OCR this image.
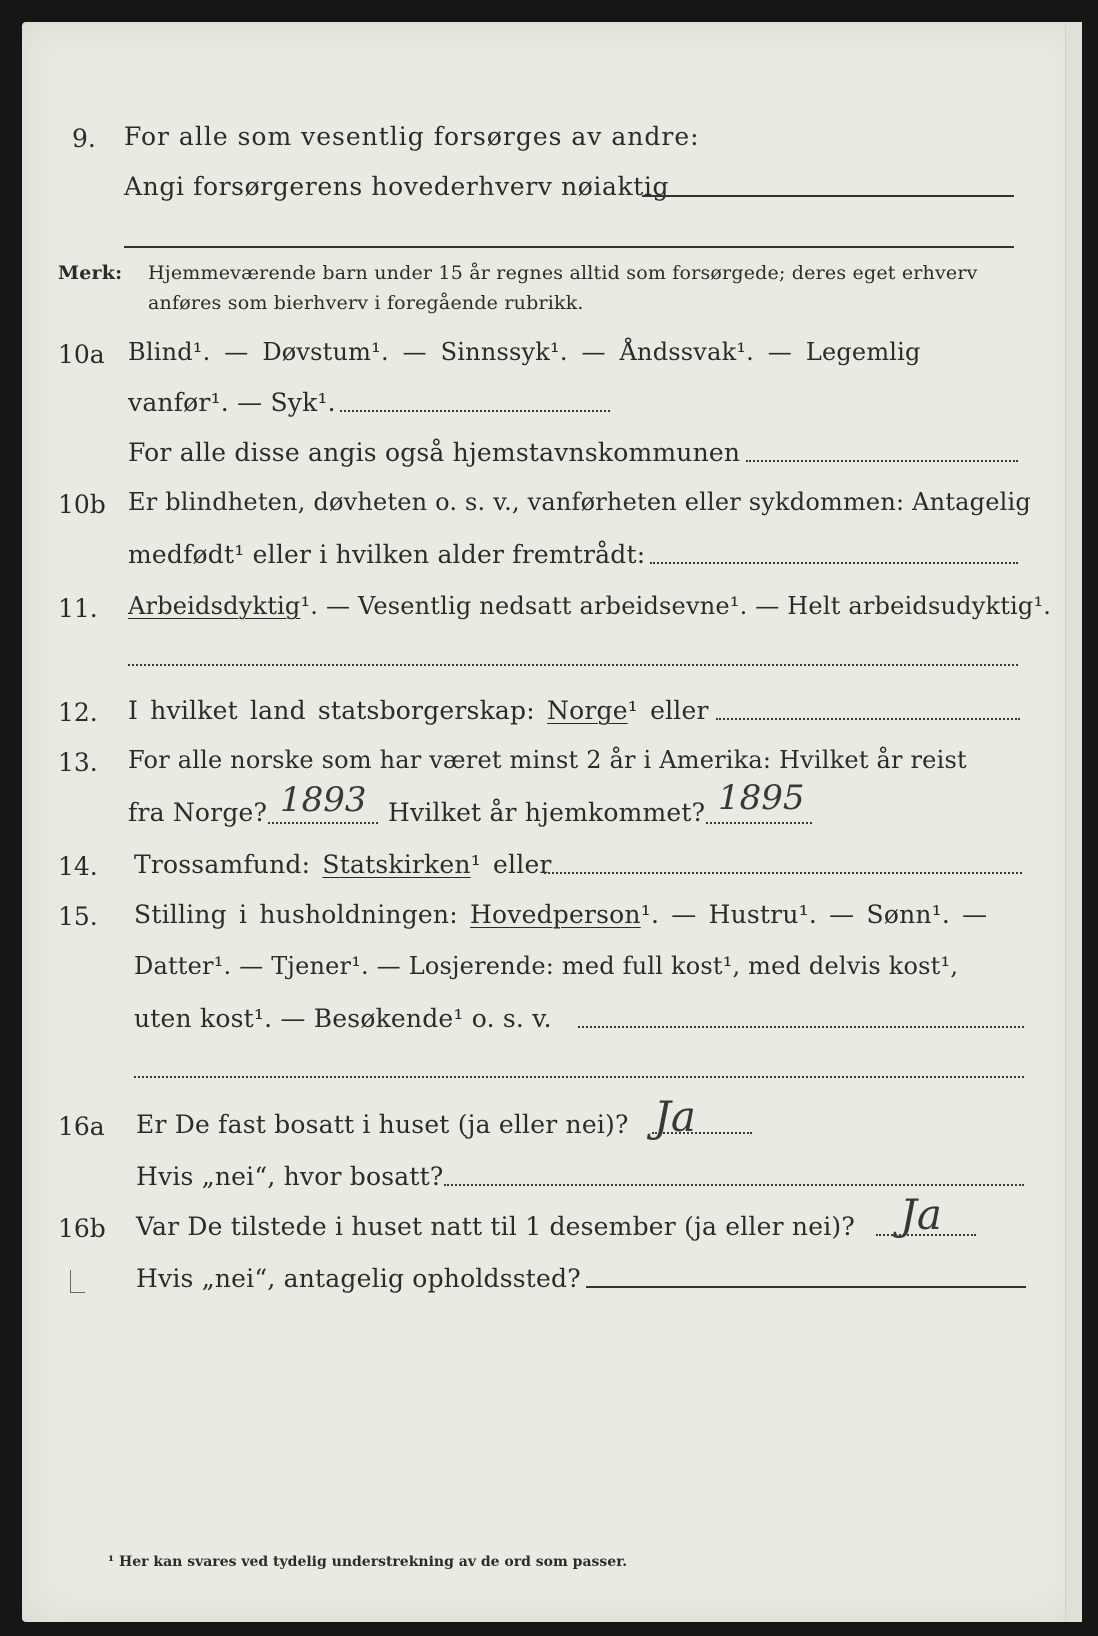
9. For alle som vesentlig forsørges av andre:
Angi forsørgerens hovederhverv nøiaktig
Merk: Hjemmeværende barn under 15 år regnes alltid som forsørgede; deres eget erhverv
anføres som bierhverv i foregående rubrikk.
10a Blind¹. — Døvstum¹. — Sinnssyk¹. — Åndssvak¹. — Legemlig
vanfør¹. — Syk¹.
For alle disse angis også hjemstavnskommunen
10b Er blindheten, døvheten o. s. v., vanførheten eller sykdommen: Antagelig
medfødt¹ eller i hvilken alder fremtrådt:
11. Arbeidsdyktig¹. — Vesentlig nedsatt arbeidsevne¹. — Helt arbeidsudyktig¹.
12. I hvilket land statsborgerskap: Norge¹ eller
13. For alle norske som har været minst 2 år i Amerika: Hvilket år reist
fra Norge? 1893 Hvilket år hjemkommet? 1895
14. Trossamfund: Statskirken¹ eller
15. Stilling i husholdningen: Hovedperson¹. — Hustru¹. — Sønn¹. —
Datter¹. — Tjener¹. — Losjerende: med full kost¹, med delvis kost¹,
uten kost¹. — Besøkende¹ o. s. v.
16a Er De fast bosatt i huset (ja eller nei)? Ja
Hvis „nei“, hvor bosatt?
16b Var De tilstede i huset natt til 1 desember (ja eller nei)? Ja
Hvis „nei“, antagelig opholdssted?
¹ Her kan svares ved tydelig understrekning av de ord som passer.
